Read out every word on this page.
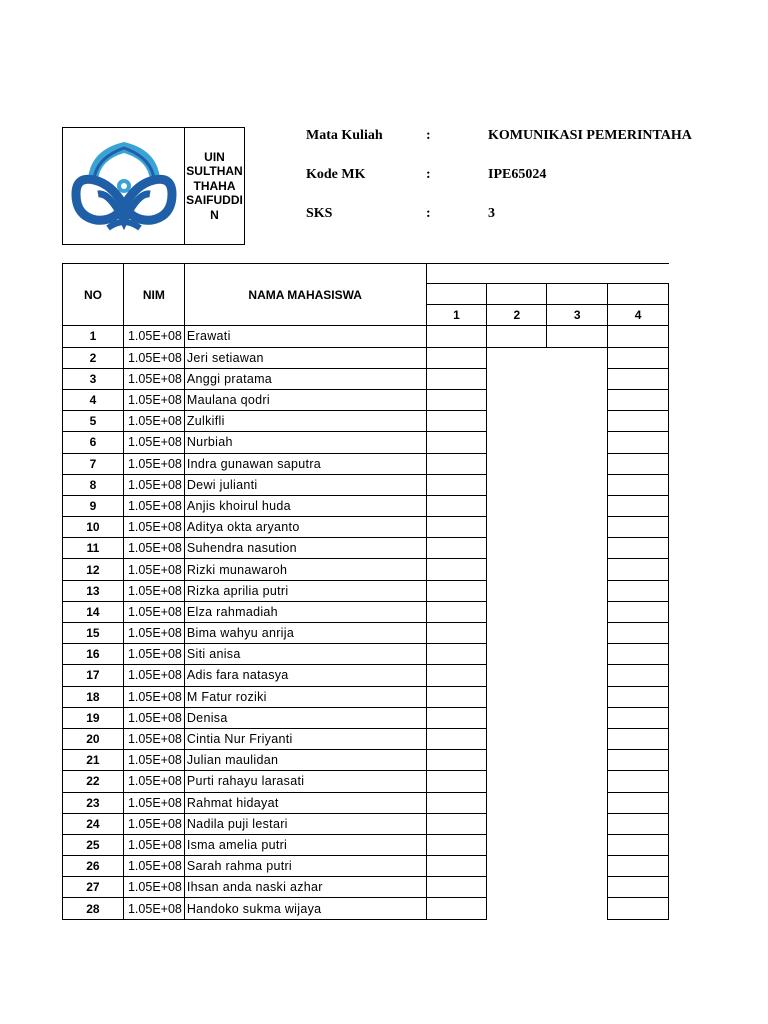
UIN
SULTHAN
THAHA
SAIFUDDI
N
Mata Kuliah	:	KOMUNIKASI PEMERINTAHA
Kode MK	:	IPE65024
SKS	:	3
NO	NIM	NAMA MAHASISWA				

			1	2	3	4
1	1.05E+08	Erawati				
2	1.05E+08	Jeri setiawan				
3	1.05E+08	Anggi pratama				
4	1.05E+08	Maulana qodri				
5	1.05E+08	Zulkifli				
6	1.05E+08	Nurbiah				
7	1.05E+08	Indra gunawan saputra				
8	1.05E+08	Dewi julianti				
9	1.05E+08	Anjis khoirul huda				
10	1.05E+08	Aditya okta aryanto				
11	1.05E+08	Suhendra nasution				
12	1.05E+08	Rizki munawaroh				
13	1.05E+08	Rizka aprilia putri				
14	1.05E+08	Elza rahmadiah				
15	1.05E+08	Bima wahyu anrija				
16	1.05E+08	Siti anisa				
17	1.05E+08	Adis fara natasya				
18	1.05E+08	M Fatur roziki				
19	1.05E+08	Denisa				
20	1.05E+08	Cintia Nur Friyanti				
21	1.05E+08	Julian maulidan				
22	1.05E+08	Purti rahayu larasati				
23	1.05E+08	Rahmat hidayat				
24	1.05E+08	Nadila puji lestari				
25	1.05E+08	Isma amelia putri				
26	1.05E+08	Sarah rahma putri				
27	1.05E+08	Ihsan anda naski azhar				
28	1.05E+08	Handoko sukma wijaya				
